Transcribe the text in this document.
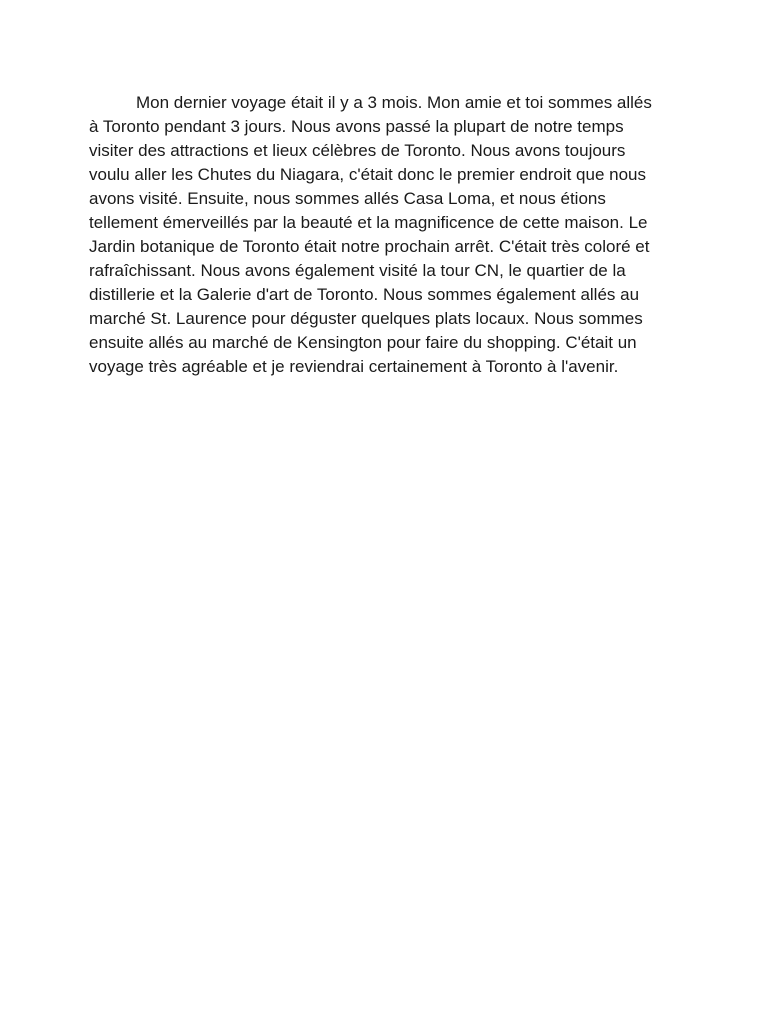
Mon dernier voyage était il y a 3 mois. Mon amie et toi sommes allés
à Toronto pendant 3 jours. Nous avons passé la plupart de notre temps
visiter des attractions et lieux célèbres de Toronto. Nous avons toujours
voulu aller les Chutes du Niagara, c'était donc le premier endroit que nous
avons visité. Ensuite, nous sommes allés Casa Loma, et nous étions
tellement émerveillés par la beauté et la magnificence de cette maison. Le
Jardin botanique de Toronto était notre prochain arrêt. C'était très coloré et
rafraîchissant. Nous avons également visité la tour CN, le quartier de la
distillerie et la Galerie d'art de Toronto. Nous sommes également allés au
marché St. Laurence pour déguster quelques plats locaux. Nous sommes
ensuite allés au marché de Kensington pour faire du shopping. C'était un
voyage très agréable et je reviendrai certainement à Toronto à l'avenir.
